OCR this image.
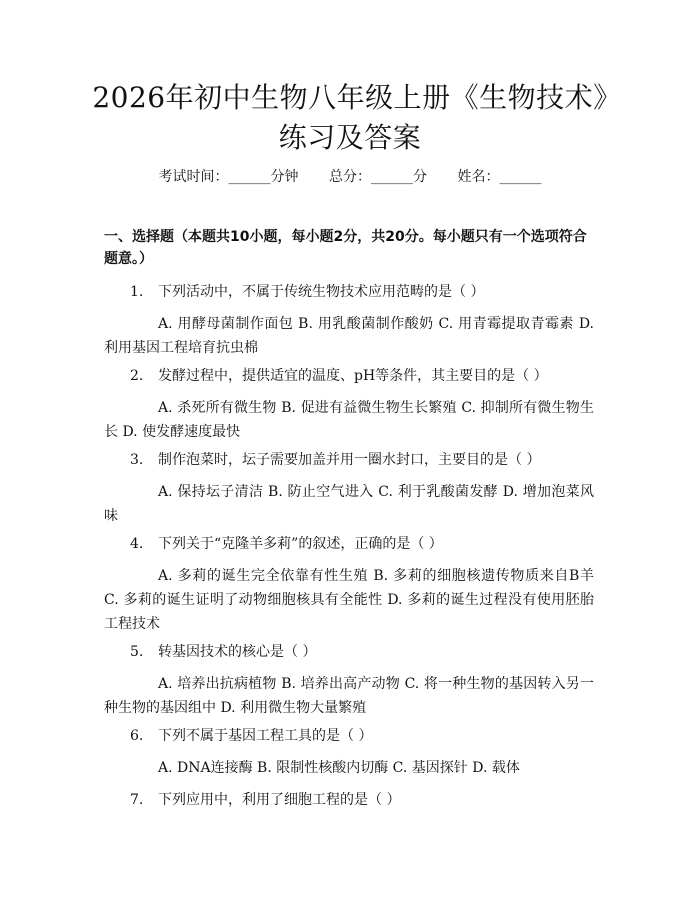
2026年初中生物八年级上册《生物技术》练习及答案
考试时间：______分钟 总分：______分 姓名：______
一、选择题（本题共10小题，每小题2分，共20分。每小题只有一个选项符合题意。）
1. 下列活动中，不属于传统生物技术应用范畴的是（ ）
A. 用酵母菌制作面包 B. 用乳酸菌制作酸奶 C. 用青霉提取青霉素 D. 利用基因工程培育抗虫棉
2. 发酵过程中，提供适宜的温度、pH等条件，其主要目的是（ ）
A. 杀死所有微生物 B. 促进有益微生物生长繁殖 C. 抑制所有微生物生长 D. 使发酵速度最快
3. 制作泡菜时，坛子需要加盖并用一圈水封口，主要目的是（ ）
A. 保持坛子清洁 B. 防止空气进入 C. 利于乳酸菌发酵 D. 增加泡菜风味
4. 下列关于“克隆羊多莉”的叙述，正确的是（ ）
A. 多莉的诞生完全依靠有性生殖 B. 多莉的细胞核遗传物质来自B羊 C. 多莉的诞生证明了动物细胞核具有全能性 D. 多莉的诞生过程没有使用胚胎工程技术
5. 转基因技术的核心是（ ）
A. 培养出抗病植物 B. 培养出高产动物 C. 将一种生物的基因转入另一种生物的基因组中 D. 利用微生物大量繁殖
6. 下列不属于基因工程工具的是（ ）
A. DNA连接酶 B. 限制性核酸内切酶 C. 基因探针 D. 载体
7. 下列应用中，利用了细胞工程的是（ ）
